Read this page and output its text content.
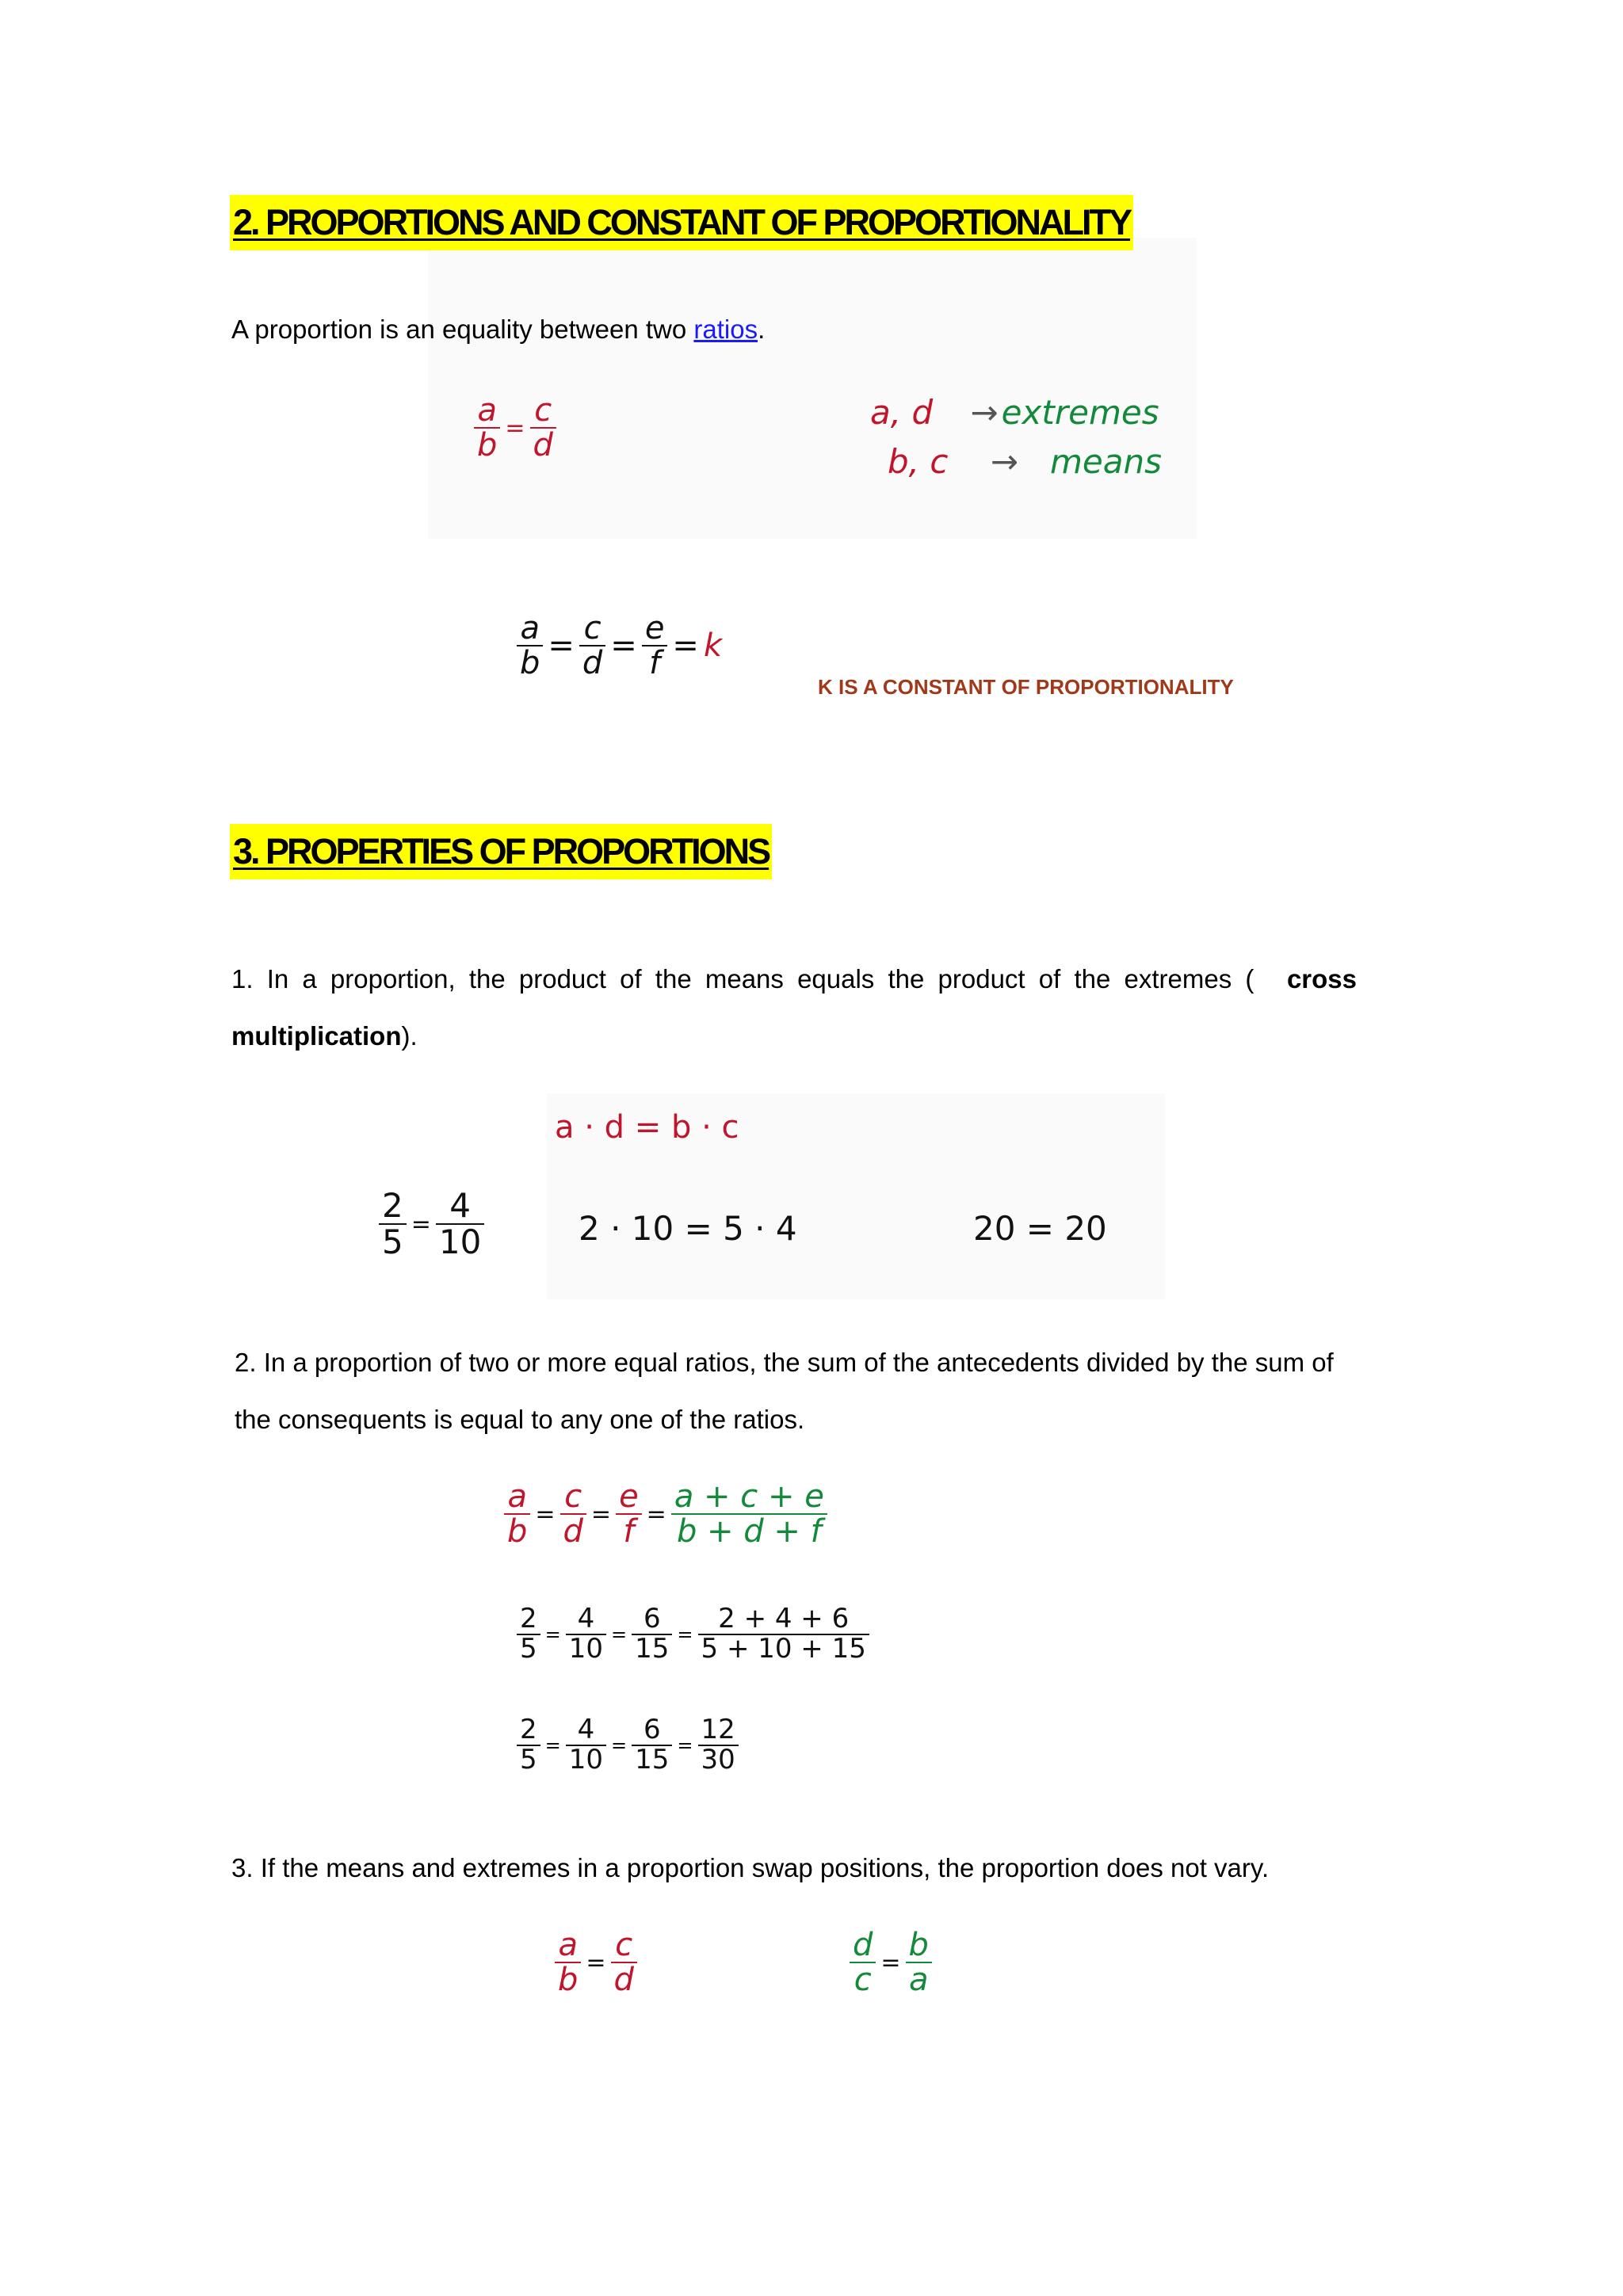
2. PROPORTIONS AND CONSTANT OF PROPORTIONALITY
A proportion is an equality between two ratios.
$\frac{a}{b} = \frac{c}{d}$	a, d →extremes
b, c → means
$\frac{a}{b} = \frac{c}{d} = \frac{e}{f} = k$
K IS A CONSTANT OF PROPORTIONALITY
3. PROPERTIES OF PROPORTIONS
1. In a proportion, the product of the means equals the product of the extremes ( cross
multiplication).
a · d = b · c
$\frac{2}{5} = \frac{4}{10}$	2 · 10 = 5 · 4	20 = 20
2. In a proportion of two or more equal ratios, the sum of the antecedents divided by the sum of
the consequents is equal to any one of the ratios.
$\frac{a}{b} = \frac{c}{d} = \frac{e}{f} = \frac{a + c + e}{b + d + f}$
$\frac{2}{5} = \frac{4}{10} = \frac{6}{15} = \frac{2 + 4 + 6}{5 + 10 + 15}$
$\frac{2}{5} = \frac{4}{10} = \frac{6}{15} = \frac{12}{30}$
3. If the means and extremes in a proportion swap positions, the proportion does not vary.
$\frac{a}{b} = \frac{c}{d}$	$\frac{d}{c} = \frac{b}{a}$
